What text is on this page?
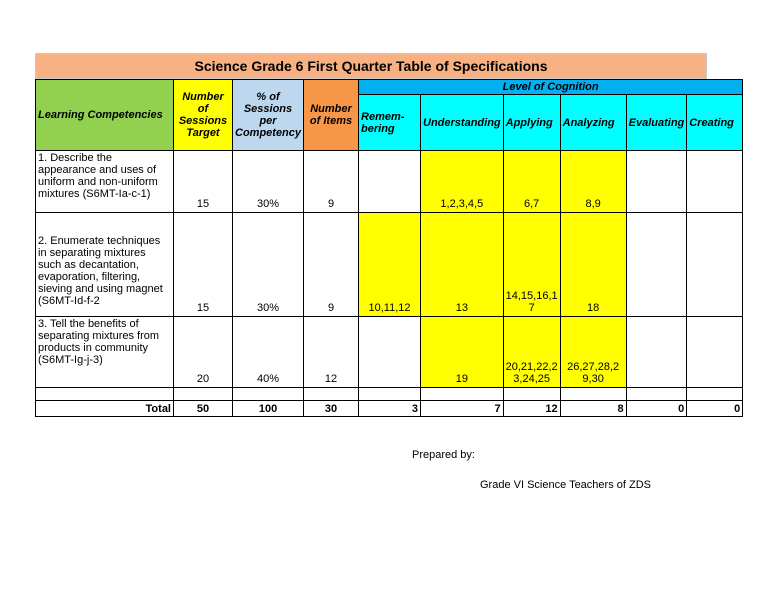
Science Grade 6 First Quarter Table of Specifications
Learning Competencies	Number of Sessions Target	% of Sessions per Competency	Number of Items	Level of Cognition					
				Remem-bering	Understanding	Applying	Analyzing	Evaluating	Creating
1. Describe the appearance and uses of uniform and non-uniform mixtures (S6MT-Ia-c-1)	15	30%	9		1,2,3,4,5	6,7	8,9		
2. Enumerate techniques in separating mixtures such as decantation, evaporation, filtering, sieving and using magnet (S6MT-Id-f-2	15	30%	9	10,11,12	13	14,15,16,17	18		
3. Tell the benefits of separating mixtures from products in community (S6MT-Ig-j-3)	20	40%	12		19	20,21,22,23,24,25	26,27,28,29,30		

Total	50	100	30	3	7	12	8	0	0
Prepared by:
Grade VI Science Teachers of ZDS
